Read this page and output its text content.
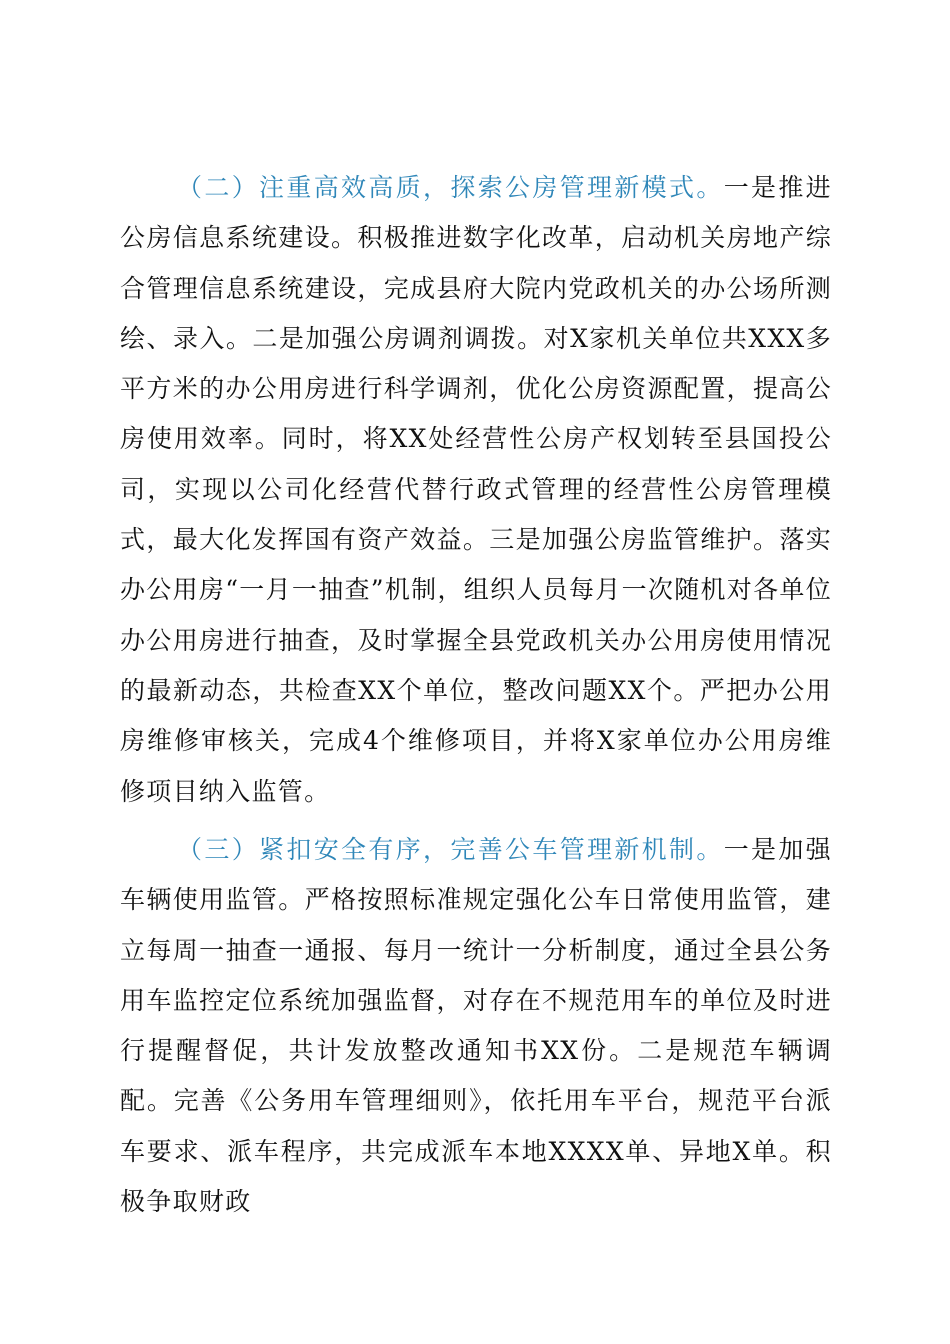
（二）注重高效高质，探索公房管理新模式。一是推进公房信息系统建设。积极推进数字化改革，启动机关房地产综合管理信息系统建设，完成县府大院内党政机关的办公场所测绘、录入。二是加强公房调剂调拨。对X家机关单位共XXX多平方米的办公用房进行科学调剂，优化公房资源配置，提高公房使用效率。同时，将XX处经营性公房产权划转至县国投公司，实现以公司化经营代替行政式管理的经营性公房管理模式，最大化发挥国有资产效益。三是加强公房监管维护。落实办公用房“一月一抽查”机制，组织人员每月一次随机对各单位办公用房进行抽查，及时掌握全县党政机关办公用房使用情况的最新动态，共检查XX个单位，整改问题XX个。严把办公用房维修审核关，完成4个维修项目，并将X家单位办公用房维修项目纳入监管。

（三）紧扣安全有序，完善公车管理新机制。一是加强车辆使用监管。严格按照标准规定强化公车日常使用监管，建立每周一抽查一通报、每月一统计一分析制度，通过全县公务用车监控定位系统加强监督，对存在不规范用车的单位及时进行提醒督促，共计发放整改通知书XX份。二是规范车辆调配。完善《公务用车管理细则》，依托用车平台，规范平台派车要求、派车程序，共完成派车本地XXXX单、异地X单。积极争取财政
